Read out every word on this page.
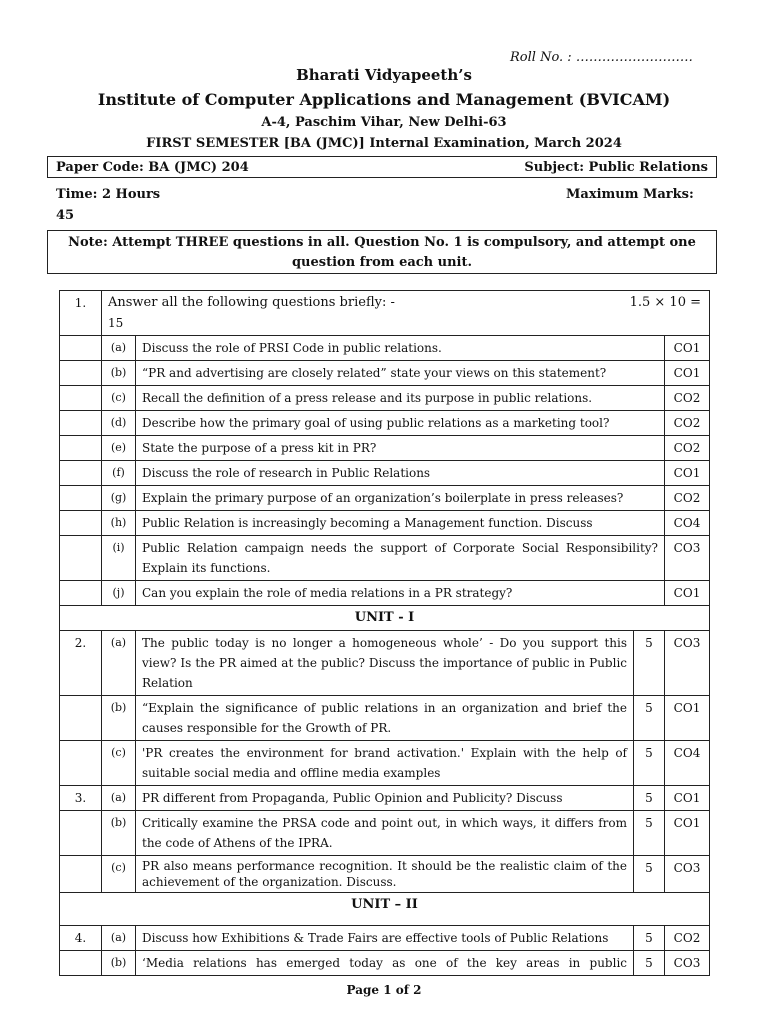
Roll No. : ………………………
Bharati Vidyapeeth’s
Institute of Computer Applications and Management (BVICAM)
A-4, Paschim Vihar, New Delhi-63
FIRST SEMESTER [BA (JMC)] Internal Examination, March 2024
Paper Code: BA (JMC) 204	Subject: Public Relations
Time: 2 Hours	Maximum Marks:
45
Note: Attempt THREE questions in all. Question No. 1 is compulsory, and attempt one question from each unit.
1.	Answer all the following questions briefly: - 1.5 × 10 =
15			

	(a)	Discuss the role of PRSI Code in public relations.		CO1
	(b)	“PR and advertising are closely related” state your views on this statement?		CO1
	(c)	Recall the definition of a press release and its purpose in public relations.		CO2
	(d)	Describe how the primary goal of using public relations as a marketing tool?		CO2
	(e)	State the purpose of a press kit in PR?		CO2
	(f)	Discuss the role of research in Public Relations		CO1
	(g)	Explain the primary purpose of an organization’s boilerplate in press releases?		CO2
	(h)	Public Relation is increasingly becoming a Management function. Discuss		CO4
	(i)	Public Relation campaign needs the support of Corporate Social Responsibility? Explain its functions.		CO3
	(j)	Can you explain the role of media relations in a PR strategy?		CO1
UNIT - I				
2.	(a)	The public today is no longer a homogeneous whole’ - Do you support this view? Is the PR aimed at the public? Discuss the importance of public in Public Relation	5	CO3
	(b)	“Explain the significance of public relations in an organization and brief the causes responsible for the Growth of PR.	5	CO1
	(c)	'PR creates the environment for brand activation.' Explain with the help of suitable social media and offline media examples	5	CO4
3.	(a)	PR different from Propaganda, Public Opinion and Publicity? Discuss	5	CO1
	(b)	Critically examine the PRSA code and point out, in which ways, it differs from the code of Athens of the IPRA.	5	CO1
	(c)	PR also means performance recognition. It should be the realistic claim of the achievement of the organization. Discuss.	5	CO3
UNIT – II				
4.	(a)	Discuss how Exhibitions & Trade Fairs are effective tools of Public Relations	5	CO2
	(b)	‘Media relations has emerged today as one of the key areas in public	5	CO3
Page 1 of 2
